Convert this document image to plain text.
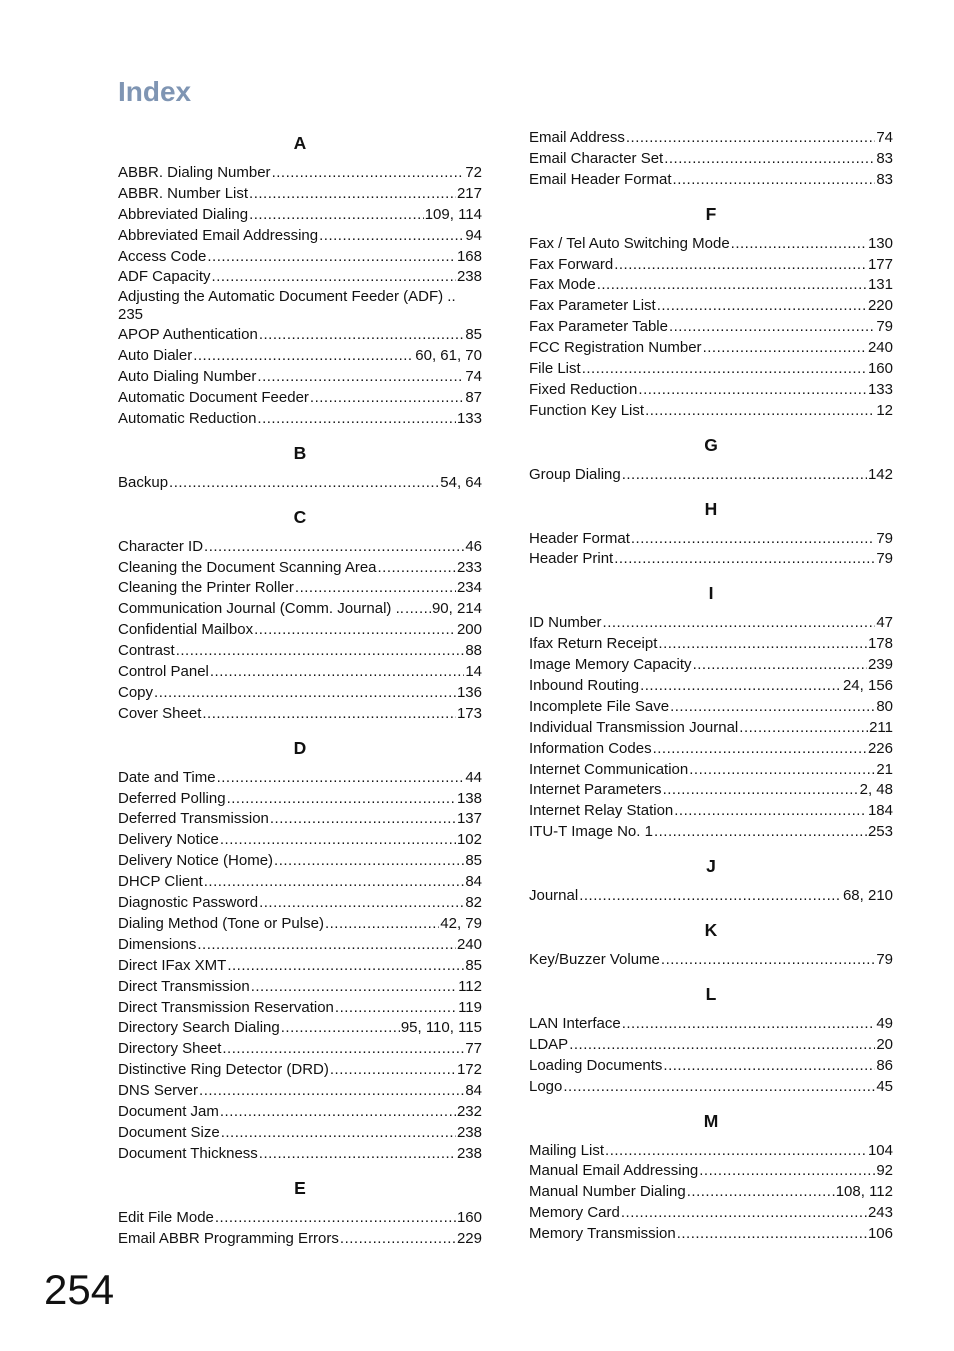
Index
A
ABBR. Dialing Number .....	72
ABBR. Number List .....	217
Abbreviated Dialing .....	109, 114
Abbreviated Email Addressing .....	94
Access Code .....	168
ADF Capacity .....	238
Adjusting the Automatic Document Feeder (ADF) ..
235
APOP Authentication .....	85
Auto Dialer .....	60, 61, 70
Auto Dialing Number .....	74
Automatic Document Feeder .....	87
Automatic Reduction .....	133
B
Backup .....	54, 64
C
Character ID .....	46
Cleaning the Document Scanning Area .....	233
Cleaning the Printer Roller .....	234
Communication Journal (Comm. Journal) .. ..... 90, 214
Confidential Mailbox .....	200
Contrast .....	88
Control Panel .....	14
Copy .....	136
Cover Sheet .....	173
D
Date and Time .....	44
Deferred Polling .....	138
Deferred Transmission .....	137
Delivery Notice .....	102
Delivery Notice (Home) .....	85
DHCP Client .....	84
Diagnostic Password .....	82
Dialing Method (Tone or Pulse) .....	42, 79
Dimensions .....	240
Direct IFax XMT .....	85
Direct Transmission .....	112
Direct Transmission Reservation .....	119
Directory Search Dialing .....	95, 110, 115
Directory Sheet .....	77
Distinctive Ring Detector (DRD) .....	172
DNS Server .....	84
Document Jam .....	232
Document Size .....	238
Document Thickness .....	238
E
Edit File Mode .....	160
Email ABBR Programming Errors .....	229
Email Address .....	74
Email Character Set .....	83
Email Header Format .....	83
F
Fax / Tel Auto Switching Mode .....	130
Fax Forward .....	177
Fax Mode .....	131
Fax Parameter List .....	220
Fax Parameter Table .....	79
FCC Registration Number .....	240
File List .....	160
Fixed Reduction .....	133
Function Key List .....	12
G
Group Dialing .....	142
H
Header Format .....	79
Header Print .....	79
I
ID Number .....	47
Ifax Return Receipt .....	178
Image Memory Capacity .....	239
Inbound Routing .....	24, 156
Incomplete File Save .....	80
Individual Transmission Journal .....	211
Information Codes .....	226
Internet Communication .....	21
Internet Parameters .....	2, 48
Internet Relay Station .....	184
ITU-T Image No. 1 .....	253
J
Journal .....	68, 210
K
Key/Buzzer Volume .....	79
L
LAN Interface .....	49
LDAP .....	20
Loading Documents .....	86
Logo .....	45
M
Mailing List .....	104
Manual Email Addressing .....	92
Manual Number Dialing .....	108, 112
Memory Card .....	243
Memory Transmission .....	106
254
